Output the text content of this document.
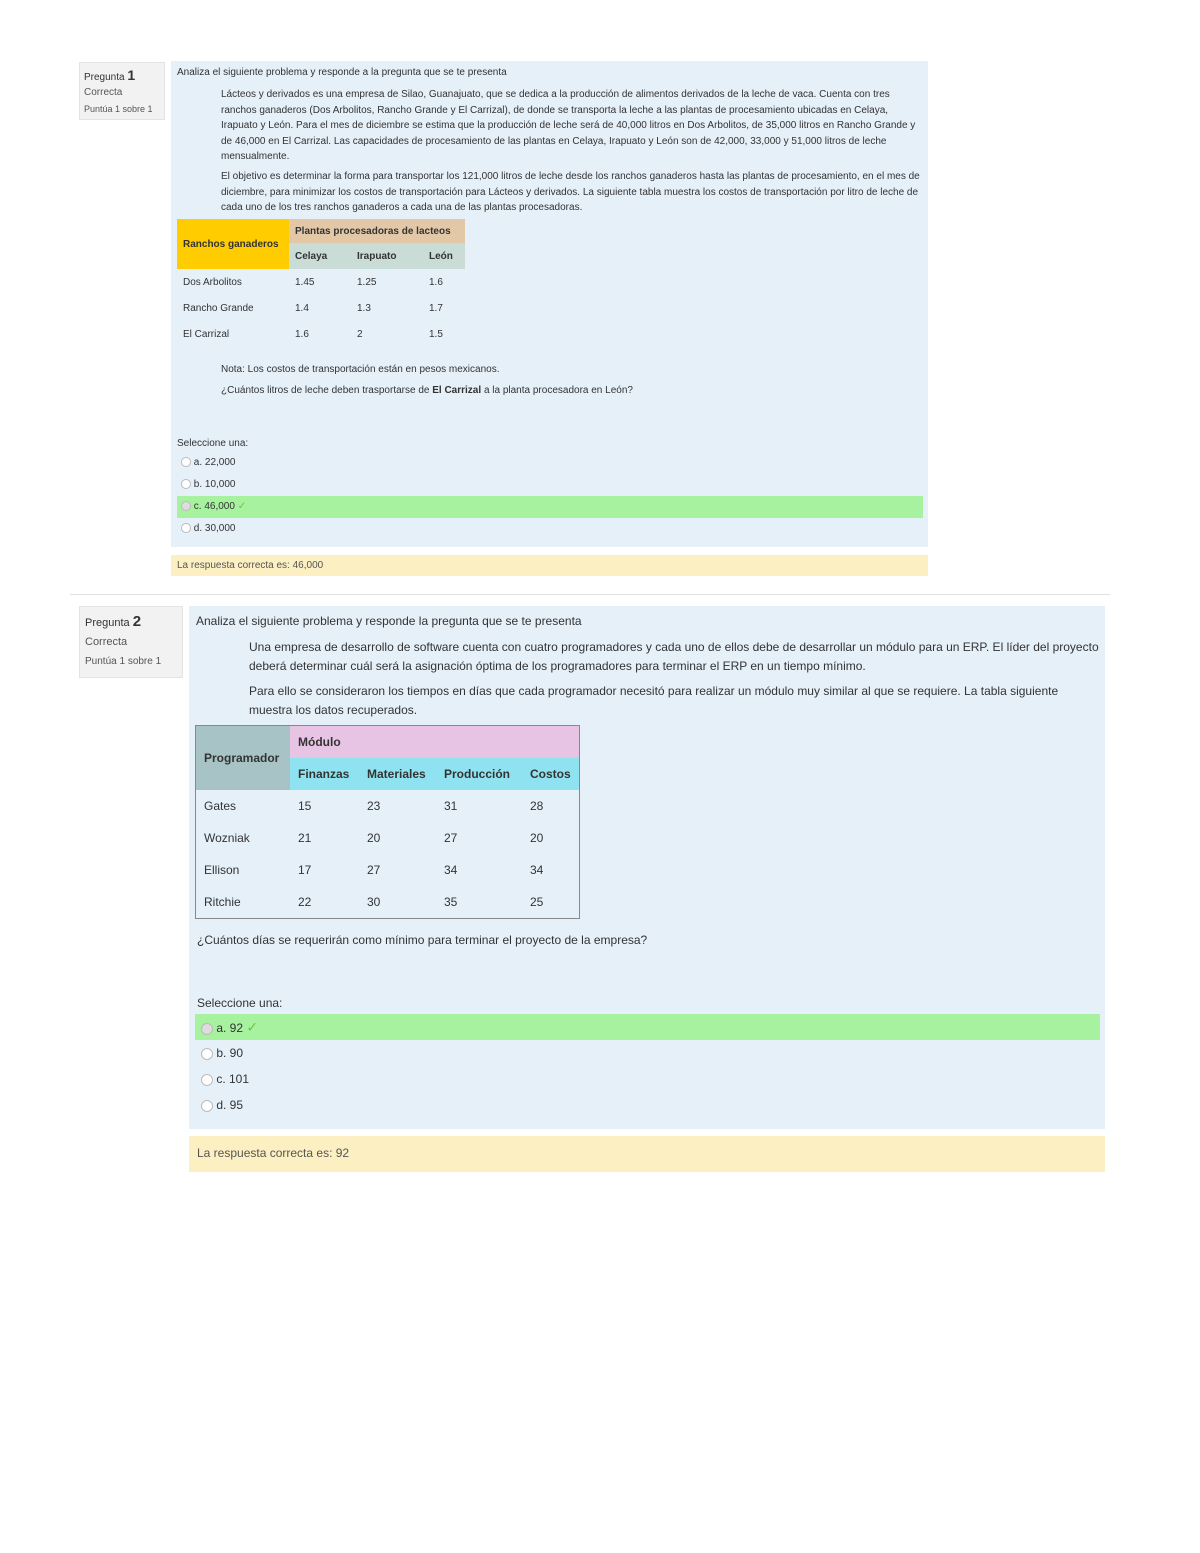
Pregunta 1
Correcta
Puntúa 1 sobre 1

Analiza el siguiente problema y responde a la pregunta que se te presenta

Lácteos y derivados es una empresa de Silao, Guanajuato, que se dedica a la producción de alimentos derivados de la leche de vaca. Cuenta con tres ranchos ganaderos (Dos Arbolitos, Rancho Grande y El Carrizal), de donde se transporta la leche a las plantas de procesamiento ubicadas en Celaya, Irapuato y León. Para el mes de diciembre se estima que la producción de leche será de 40,000 litros en Dos Arbolitos, de 35,000 litros en Rancho Grande y de 46,000 en El Carrizal. Las capacidades de procesamiento de las plantas en Celaya, Irapuato y León son de 42,000, 33,000 y 51,000 litros de leche mensualmente.

El objetivo es determinar la forma para transportar los 121,000 litros de leche desde los ranchos ganaderos hasta las plantas de procesamiento, en el mes de diciembre, para minimizar los costos de transportación para Lácteos y derivados. La siguiente tabla muestra los costos de transportación por litro de leche de cada uno de los tres ranchos ganaderos a cada una de las plantas procesadoras.

Ranchos ganaderos	Plantas procesadoras de lacteos		
	Celaya	Irapuato	León
Dos Arbolitos	1.45	1.25	1.6
Rancho Grande	1.4	1.3	1.7
El Carrizal	1.6	2	1.5

Nota: Los costos de transportación están en pesos mexicanos.

¿Cuántos litros de leche deben trasportarse de El Carrizal a la planta procesadora en León?

Seleccione una:

a. 22,000
b. 10,000
c. 46,000 ✓
d. 30,000
La respuesta correcta es: 46,000
Pregunta 2
Correcta
Puntúa 1 sobre 1

Analiza el siguiente problema y responde la pregunta que se te presenta

Una empresa de desarrollo de software cuenta con cuatro programadores y cada uno de ellos debe de desarrollar un módulo para un ERP. El líder del proyecto deberá determinar cuál será la asignación óptima de los programadores para terminar el ERP en un tiempo mínimo.

Para ello se consideraron los tiempos en días que cada programador necesitó para realizar un módulo muy similar al que se requiere. La tabla siguiente muestra los datos recuperados.

Programador	Módulo			
	Finanzas	Materiales	Producción	Costos
Gates	15	23	31	28
Wozniak	21	20	27	20
Ellison	17	27	34	34
Ritchie	22	30	35	25

¿Cuántos días se requerirán como mínimo para terminar el proyecto de la empresa?

Seleccione una:

a. 92 ✓
b. 90
c. 101
d. 95
La respuesta correcta es: 92
